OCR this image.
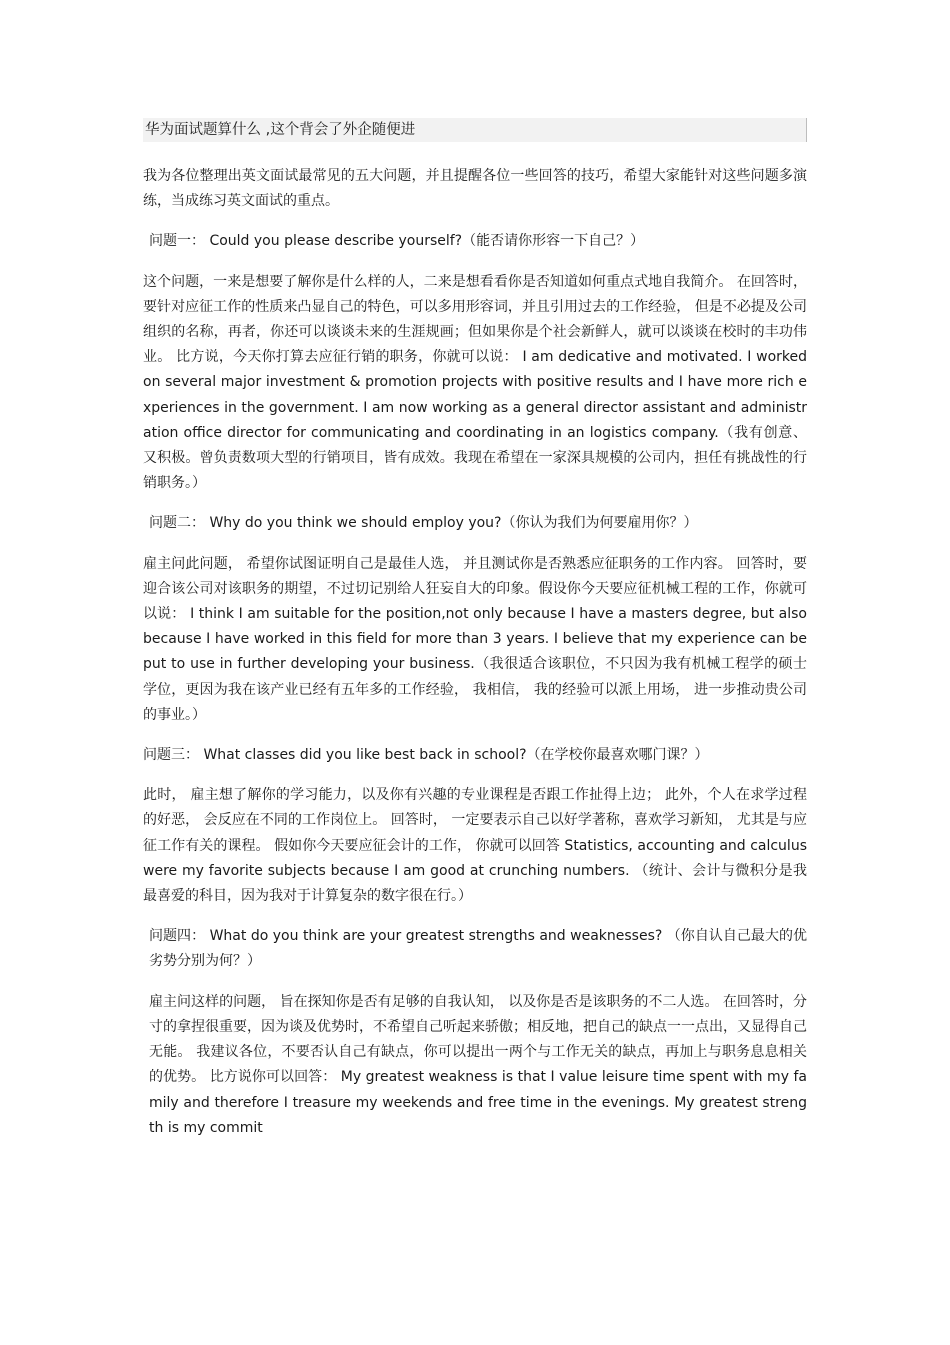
华为面试题算什么 ,这个背会了外企随便进

我为各位整理出英文面试最常见的五大问题，并且提醒各位一些回答的技巧，希望大家能针对这些问题多演练，当成练习英文面试的重点。

问题一： Could you please describe yourself?（能否请你形容一下自己？）

这个问题，一来是想要了解你是什么样的人，二来是想看看你是否知道如何重点式地自我简介。 在回答时，要针对应征工作的性质来凸显自己的特色，可以多用形容词，并且引用过去的工作经验， 但是不必提及公司组织的名称，再者，你还可以谈谈未来的生涯规画；但如果你是个社会新鲜人，就可以谈谈在校时的丰功伟业。 比方说，今天你打算去应征行销的职务，你就可以说： I am dedicative and motivated. I worked on several major investment & promotion projects with positive results and I have more rich experiences in the government. I am now working as a general director assistant and administration office director for communicating and coordinating in an logistics company.（我有创意、又积极。曾负责数项大型的行销项目，皆有成效。我现在希望在一家深具规模的公司内，担任有挑战性的行销职务。）

问题二： Why do you think we should employ you?（你认为我们为何要雇用你？）

雇主问此问题， 希望你试图证明自己是最佳人选， 并且测试你是否熟悉应征职务的工作内容。 回答时，要迎合该公司对该职务的期望，不过切记别给人狂妄自大的印象。假设你今天要应征机械工程的工作，你就可以说： I think I am suitable for the position,not only because I have a masters degree, but also because I have worked in this field for more than 3 years. I believe that my experience can be put to use in further developing your business.（我很适合该职位，不只因为我有机械工程学的硕士学位，更因为我在该产业已经有五年多的工作经验， 我相信， 我的经验可以派上用场， 进一步推动贵公司的事业。）

问题三： What classes did you like best back in school?（在学校你最喜欢哪门课？）

此时， 雇主想了解你的学习能力，以及你有兴趣的专业课程是否跟工作扯得上边； 此外，个人在求学过程的好恶， 会反应在不同的工作岗位上。 回答时， 一定要表示自己以好学著称，喜欢学习新知， 尤其是与应征工作有关的课程。 假如你今天要应征会计的工作， 你就可以回答 Statistics, accounting and calculus were my favorite subjects because I am good at crunching numbers. （统计、会计与微积分是我最喜爱的科目，因为我对于计算复杂的数字很在行。）

问题四： What do you think are your greatest strengths and weaknesses? （你自认自己最大的优劣势分别为何？）

雇主问这样的问题， 旨在探知你是否有足够的自我认知， 以及你是否是该职务的不二人选。 在回答时，分寸的拿捏很重要，因为谈及优势时，不希望自己听起来骄傲；相反地，把自己的缺点一一点出，又显得自己无能。 我建议各位，不要否认自己有缺点，你可以提出一两个与工作无关的缺点，再加上与职务息息相关的优势。 比方说你可以回答： My greatest weakness is that I value leisure time spent with my family and therefore I treasure my weekends and free time in the evenings. My greatest strength is my commit
